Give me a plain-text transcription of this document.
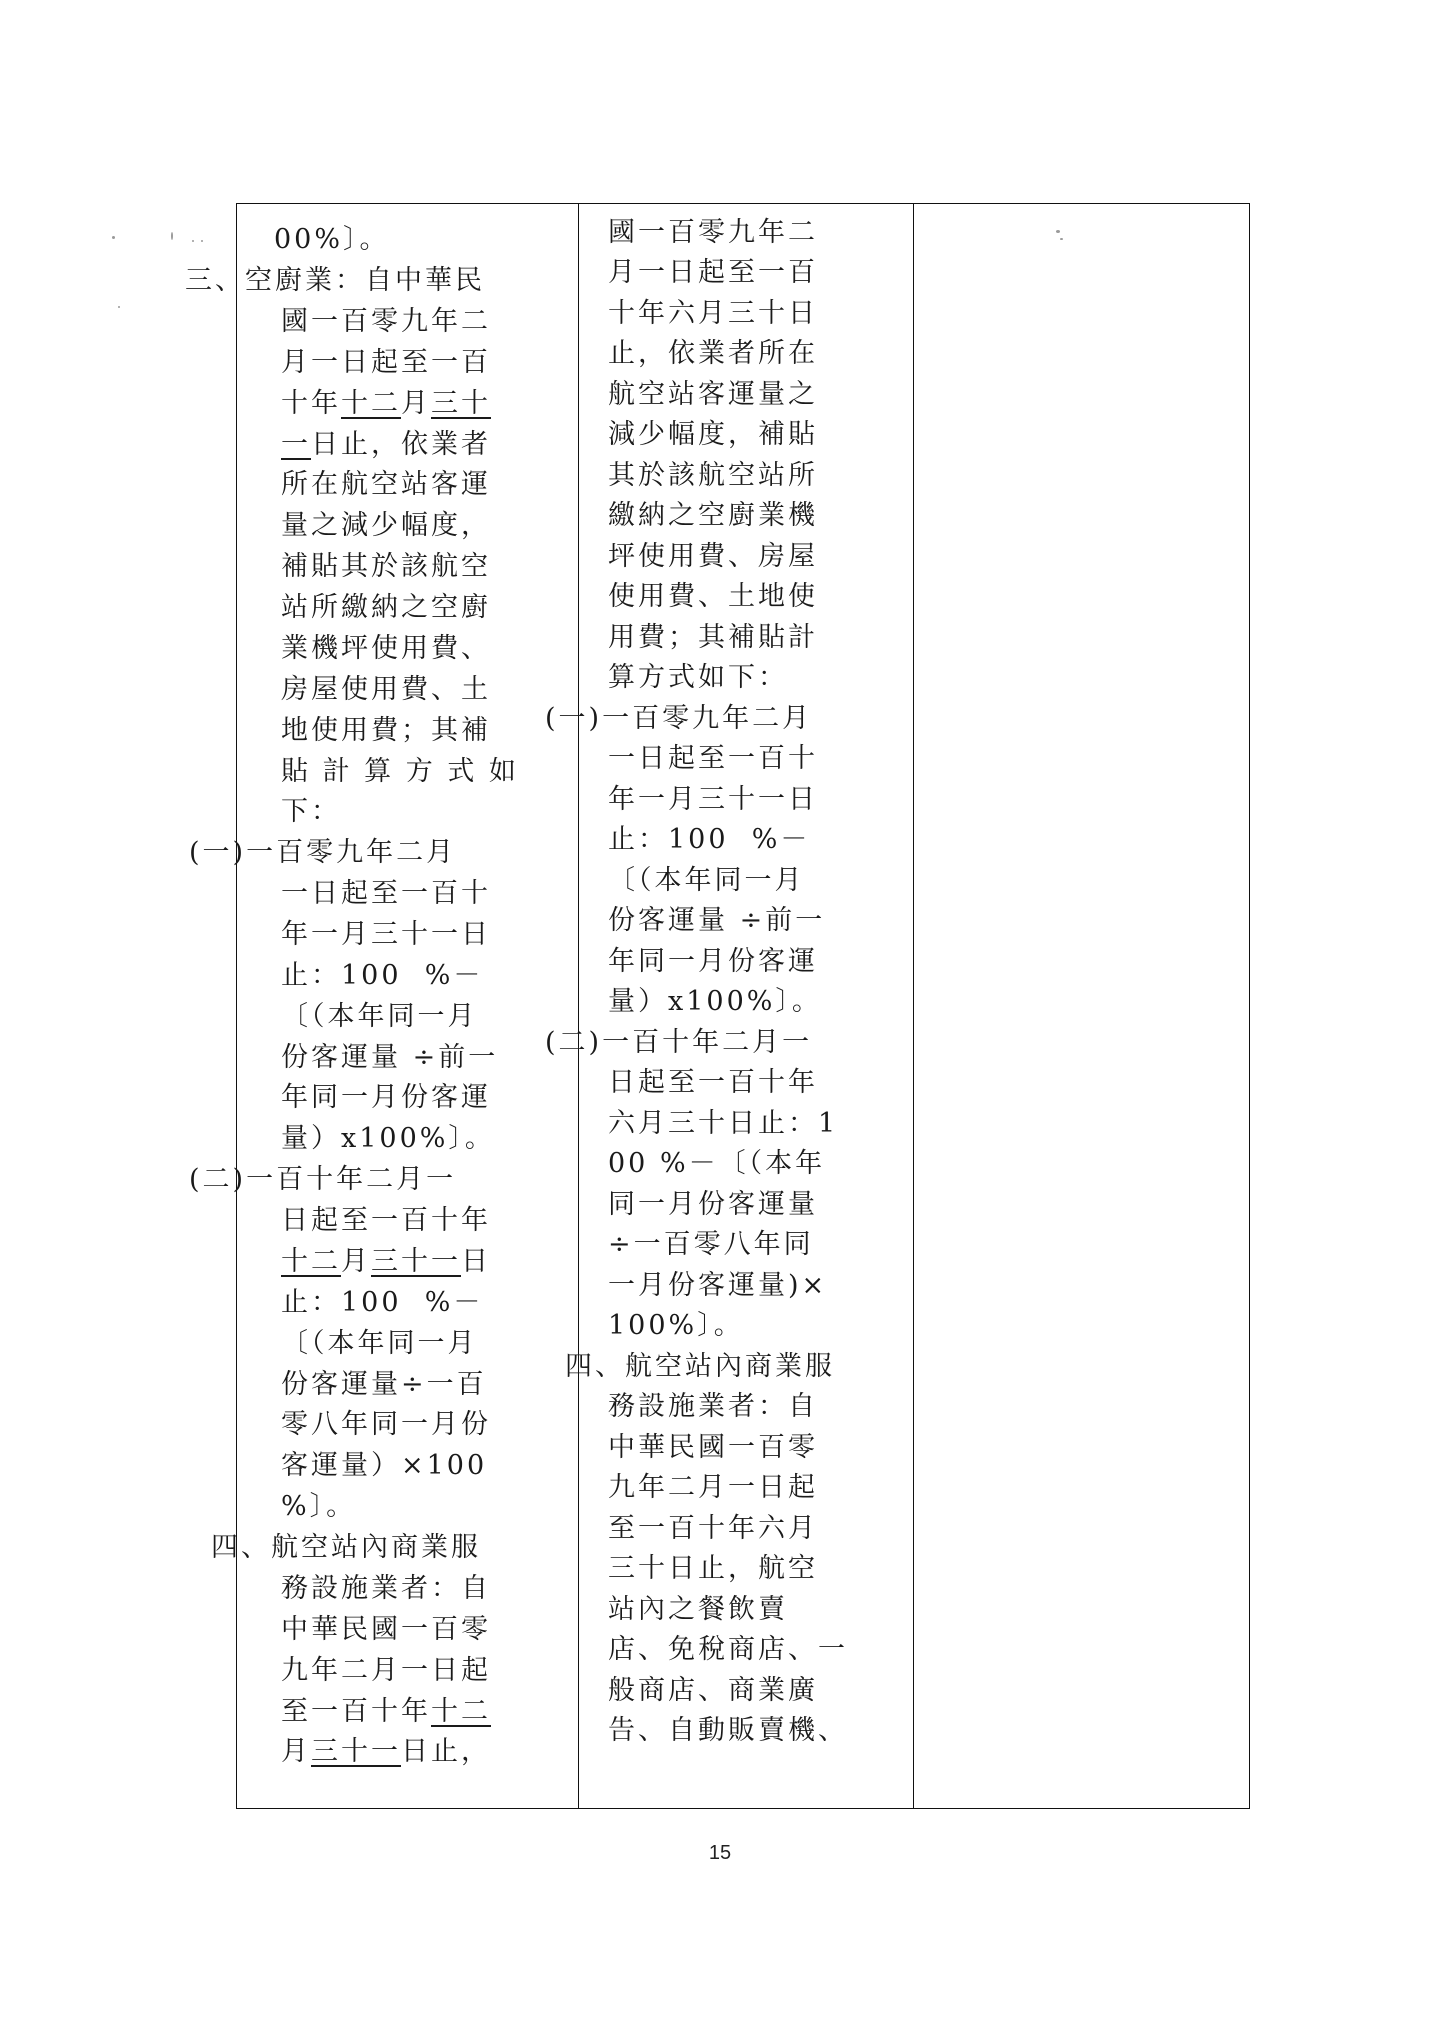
00%〕。
三、空廚業：自中華民
國一百零九年二
月一日起至一百
十年十二月三十
一日止，依業者
所在航空站客運
量之減少幅度，
補貼其於該航空
站所繳納之空廚
業機坪使用費、
房屋使用費、土
地使用費；其補
貼 計 算 方 式 如
下：
(一)一百零九年二月
一日起至一百十
年一月三十一日
止：100  %－
〔（本年同一月
份客運量 ÷前一
年同一月份客運
量）x100%〕。
(二)一百十年二月一
日起至一百十年
十二月三十一日
止：100  %－
〔（本年同一月
份客運量÷一百
零八年同一月份
客運量）×100
%〕。
四、航空站內商業服
務設施業者：自
中華民國一百零
九年二月一日起
至一百十年十二
月三十一日止，
國一百零九年二
月一日起至一百
十年六月三十日
止，依業者所在
航空站客運量之
減少幅度，補貼
其於該航空站所
繳納之空廚業機
坪使用費、房屋
使用費、土地使
用費；其補貼計
算方式如下：
(一)一百零九年二月
一日起至一百十
年一月三十一日
止：100  %－
〔（本年同一月
份客運量 ÷前一
年同一月份客運
量）x100%〕。
(二)一百十年二月一
日起至一百十年
六月三十日止：1
00 %－〔（本年
同一月份客運量
÷一百零八年同
一月份客運量)×
100%〕。
四、航空站內商業服
務設施業者：自
中華民國一百零
九年二月一日起
至一百十年六月
三十日止，航空
站內之餐飲賣
店、免稅商店、一
般商店、商業廣
告、自動販賣機、
15
